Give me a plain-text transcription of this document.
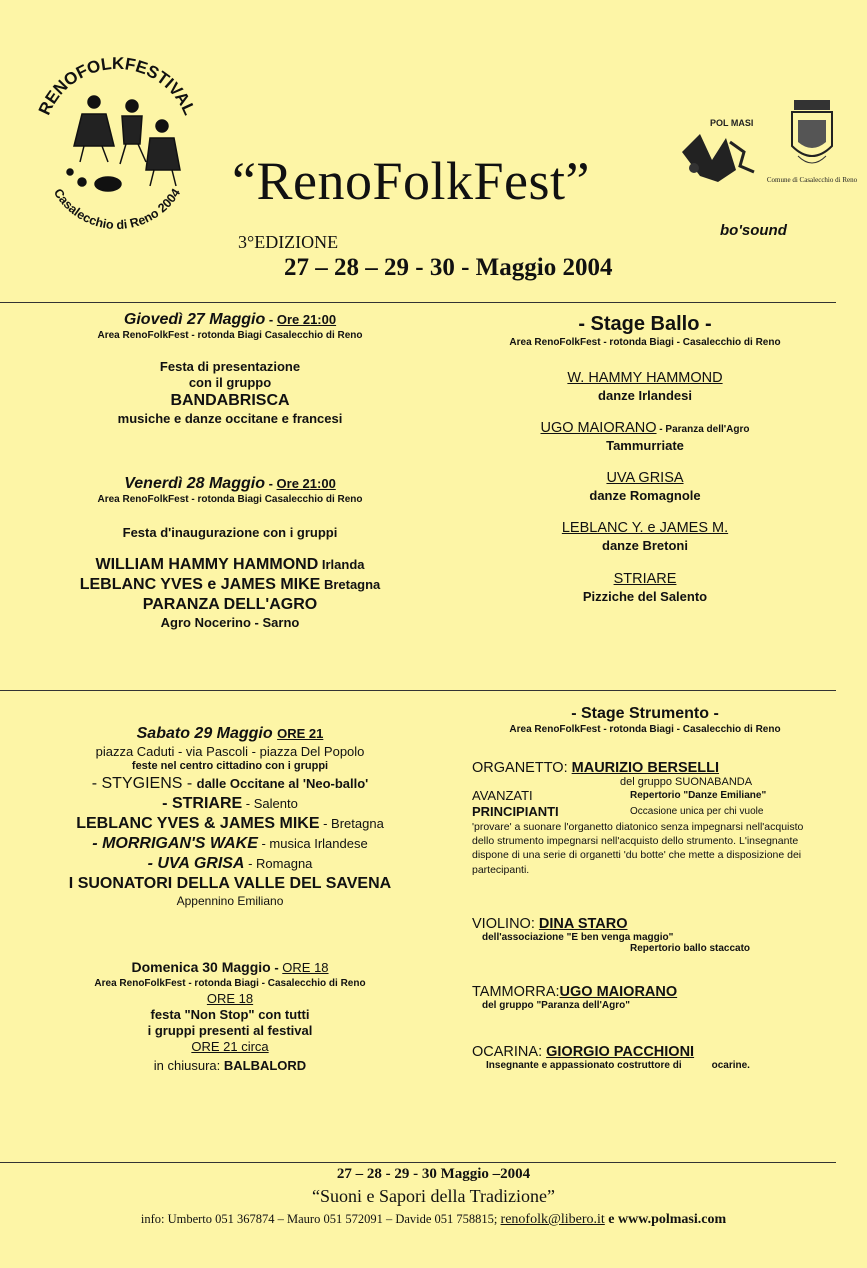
RENOFOLKFESTIVAL
Casalecchio di Reno 2004 “RenoFolkFest”
3°EDIZIONE
27 – 28 – 29 - 30 - Maggio 2004
POL MASI
Comune di Casalecchio di Reno
bo'sound
Giovedì 27 Maggio - Ore 21:00
Area RenoFolkFest - rotonda Biagi Casalecchio di Reno
Festa di presentazione
con il gruppo
BANDABRISCA
musiche e danze occitane e francesi
Venerdì 28 Maggio - Ore 21:00
Area RenoFolkFest - rotonda Biagi Casalecchio di Reno
Festa d'inaugurazione con i gruppi
WILLIAM HAMMY HAMMOND Irlanda
LEBLANC YVES e JAMES MIKE Bretagna
PARANZA DELL'AGRO
Agro Nocerino - Sarno
- Stage Ballo -
Area RenoFolkFest - rotonda Biagi - Casalecchio di Reno
W. HAMMY HAMMOND
danze Irlandesi
UGO MAIORANO - Paranza dell'Agro
Tammurriate
UVA GRISA
danze Romagnole
LEBLANC Y. e JAMES M.
danze Bretoni
STRIARE
Pizziche del Salento
Sabato 29 Maggio ORE 21
piazza Caduti - via Pascoli - piazza Del Popolo
feste nel centro cittadino con i gruppi
- STYGIENS - dalle Occitane al 'Neo-ballo'
- STRIARE - Salento
LEBLANC YVES & JAMES MIKE - Bretagna
- MORRIGAN'S WAKE - musica Irlandese
- UVA GRISA - Romagna
I SUONATORI DELLA VALLE DEL SAVENA
Appennino Emiliano
Domenica 30 Maggio - ORE 18
Area RenoFolkFest - rotonda Biagi - Casalecchio di Reno
ORE 18
festa "Non Stop" con tutti
i gruppi presenti al festival
ORE 21 circa
in chiusura: BALBALORD
- Stage Strumento -
Area RenoFolkFest - rotonda Biagi - Casalecchio di Reno
ORGANETTO: MAURIZIO BERSELLI
del gruppo SUONABANDA
AVANZATI	Repertorio "Danze Emiliane"
PRINCIPIANTI	Occasione unica per chi vuole
'provare' a suonare l'organetto diatonico senza impegnarsi nell'acquisto dello strumento impegnarsi nell'acquisto dello strumento. L'insegnante dispone di una serie di organetti 'du botte' che mette a disposizione dei partecipanti.
VIOLINO: DINA STARO
dell'associazione "E ben venga maggio"
Repertorio ballo staccato
TAMMORRA:UGO MAIORANO
del gruppo "Paranza dell'Agro"
OCARINA: GIORGIO PACCHIONI
Insegnante e appassionato costruttore di	ocarine.
27 – 28 - 29 - 30 Maggio –2004
“Suoni e Sapori della Tradizione”
info: Umberto 051 367874 – Mauro 051 572091 – Davide 051 758815; renofolk@libero.it e www.polmasi.com
